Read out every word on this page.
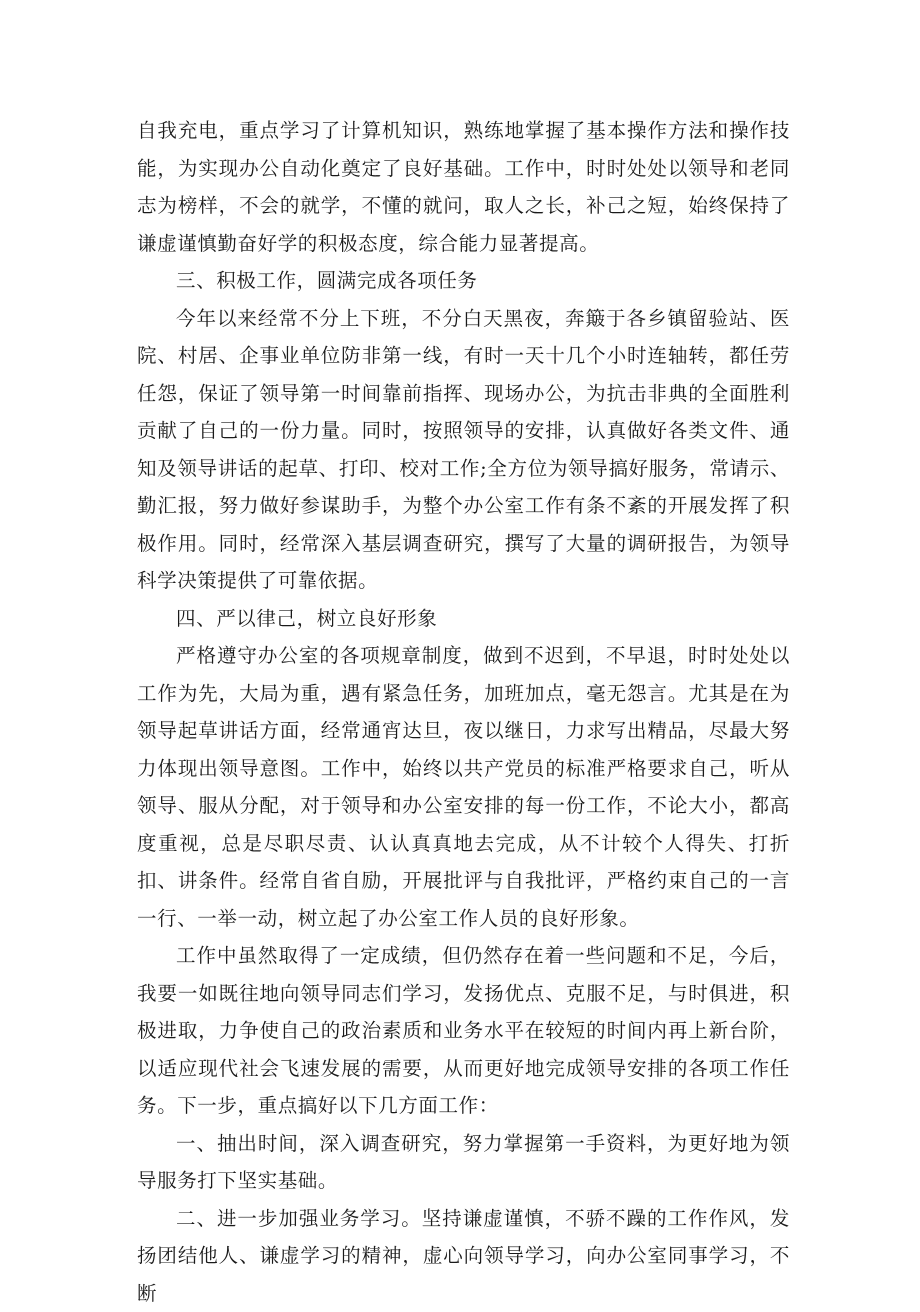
自我充电，重点学习了计算机知识，熟练地掌握了基本操作方法和操作技能，为实现办公自动化奠定了良好基础。工作中，时时处处以领导和老同志为榜样，不会的就学，不懂的就问，取人之长，补己之短，始终保持了谦虚谨慎勤奋好学的积极态度，综合能力显著提高。

三、积极工作，圆满完成各项任务

今年以来经常不分上下班，不分白天黑夜，奔簸于各乡镇留验站、医院、村居、企事业单位防非第一线，有时一天十几个小时连轴转，都任劳任怨，保证了领导第一时间靠前指挥、现场办公，为抗击非典的全面胜利贡献了自己的一份力量。同时，按照领导的安排，认真做好各类文件、通知及领导讲话的起草、打印、校对工作;全方位为领导搞好服务，常请示、勤汇报，努力做好参谋助手，为整个办公室工作有条不紊的开展发挥了积极作用。同时，经常深入基层调查研究，撰写了大量的调研报告，为领导科学决策提供了可靠依据。

四、严以律己，树立良好形象

严格遵守办公室的各项规章制度，做到不迟到，不早退，时时处处以工作为先，大局为重，遇有紧急任务，加班加点，毫无怨言。尤其是在为领导起草讲话方面，经常通宵达旦，夜以继日，力求写出精品，尽最大努力体现出领导意图。工作中，始终以共产党员的标准严格要求自己，听从领导、服从分配，对于领导和办公室安排的每一份工作，不论大小，都高度重视，总是尽职尽责、认认真真地去完成，从不计较个人得失、打折扣、讲条件。经常自省自励，开展批评与自我批评，严格约束自己的一言一行、一举一动，树立起了办公室工作人员的良好形象。

工作中虽然取得了一定成绩，但仍然存在着一些问题和不足，今后，我要一如既往地向领导同志们学习，发扬优点、克服不足，与时俱进，积极进取，力争使自己的政治素质和业务水平在较短的时间内再上新台阶，以适应现代社会飞速发展的需要，从而更好地完成领导安排的各项工作任务。下一步，重点搞好以下几方面工作：

一、抽出时间，深入调查研究，努力掌握第一手资料，为更好地为领导服务打下坚实基础。

二、进一步加强业务学习。坚持谦虚谨慎，不骄不躁的工作作风，发扬团结他人、谦虚学习的精神，虚心向领导学习，向办公室同事学习，不断
